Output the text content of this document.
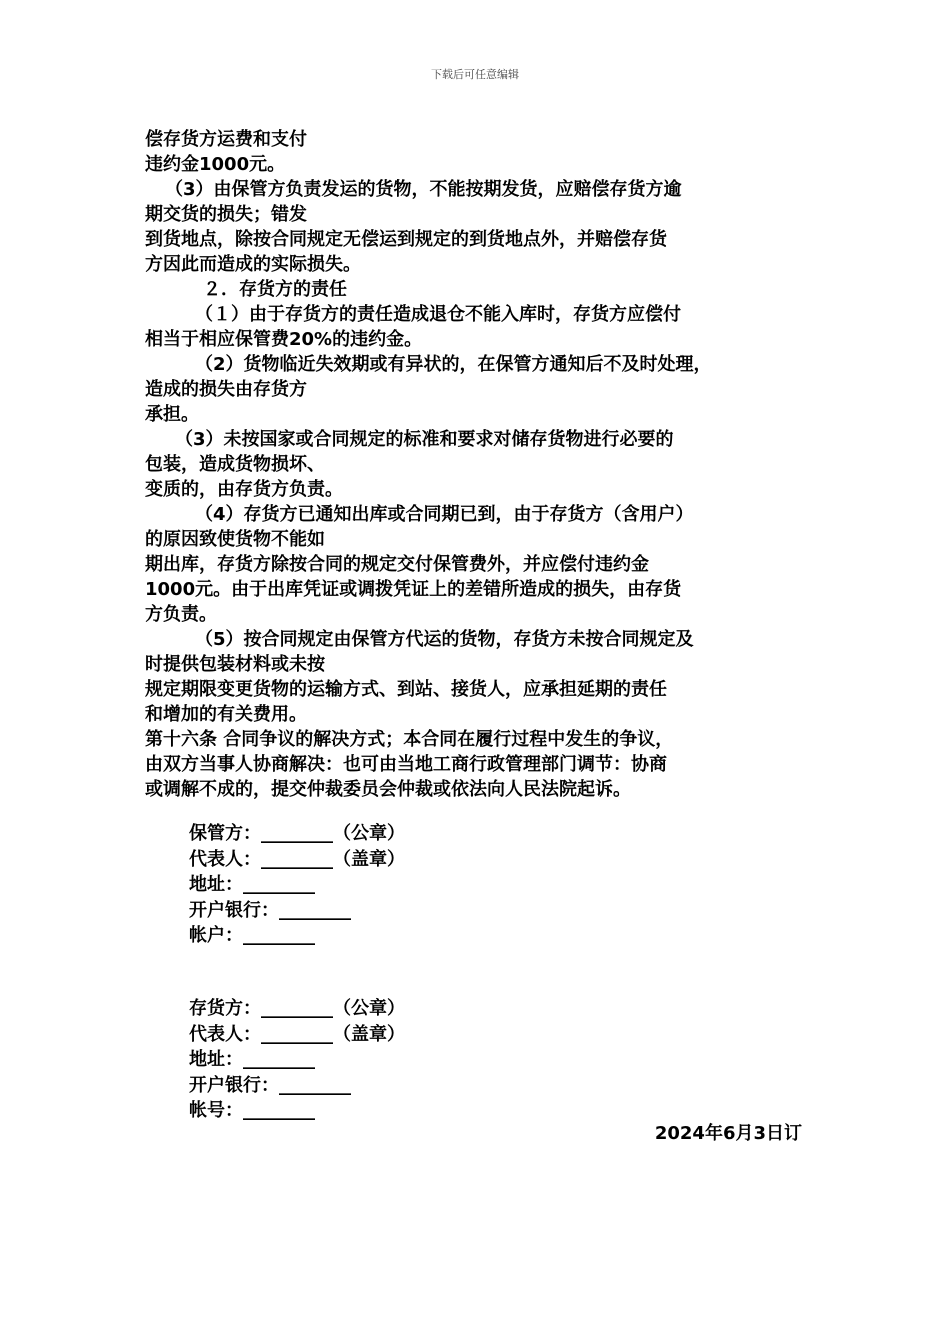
下载后可任意编辑
偿存货方运费和支付
违约金1000元。
（3）由保管方负责发运的货物，不能按期发货，应赔偿存货方逾
期交货的损失；错发
到货地点，除按合同规定无偿运到规定的到货地点外，并赔偿存货
方因此而造成的实际损失。
２．存货方的责任
（１）由于存货方的责任造成退仓不能入库时，存货方应偿付
相当于相应保管费20%的违约金。
（2）货物临近失效期或有异状的，在保管方通知后不及时处理，
造成的损失由存货方
承担。
（3）未按国家或合同规定的标准和要求对储存货物进行必要的
包装，造成货物损坏、
变质的，由存货方负责。
（4）存货方已通知出库或合同期已到，由于存货方（含用户）
的原因致使货物不能如
期出库，存货方除按合同的规定交付保管费外，并应偿付违约金
1000元。由于出库凭证或调拨凭证上的差错所造成的损失，由存货
方负责。
（5）按合同规定由保管方代运的货物，存货方未按合同规定及
时提供包装材料或未按
规定期限变更货物的运输方式、到站、接货人，应承担延期的责任
和增加的有关费用。
第十六条 合同争议的解决方式；本合同在履行过程中发生的争议，
由双方当事人协商解决：也可由当地工商行政管理部门调节：协商
或调解不成的，提交仲裁委员会仲裁或依法向人民法院起诉。
保管方：________（公章）
代表人：________（盖章）
地址：________
开户银行：________
帐户：________
存货方：________（公章）
代表人：________（盖章）
地址：________
开户银行：________
帐号：________
2024年6月3日订
